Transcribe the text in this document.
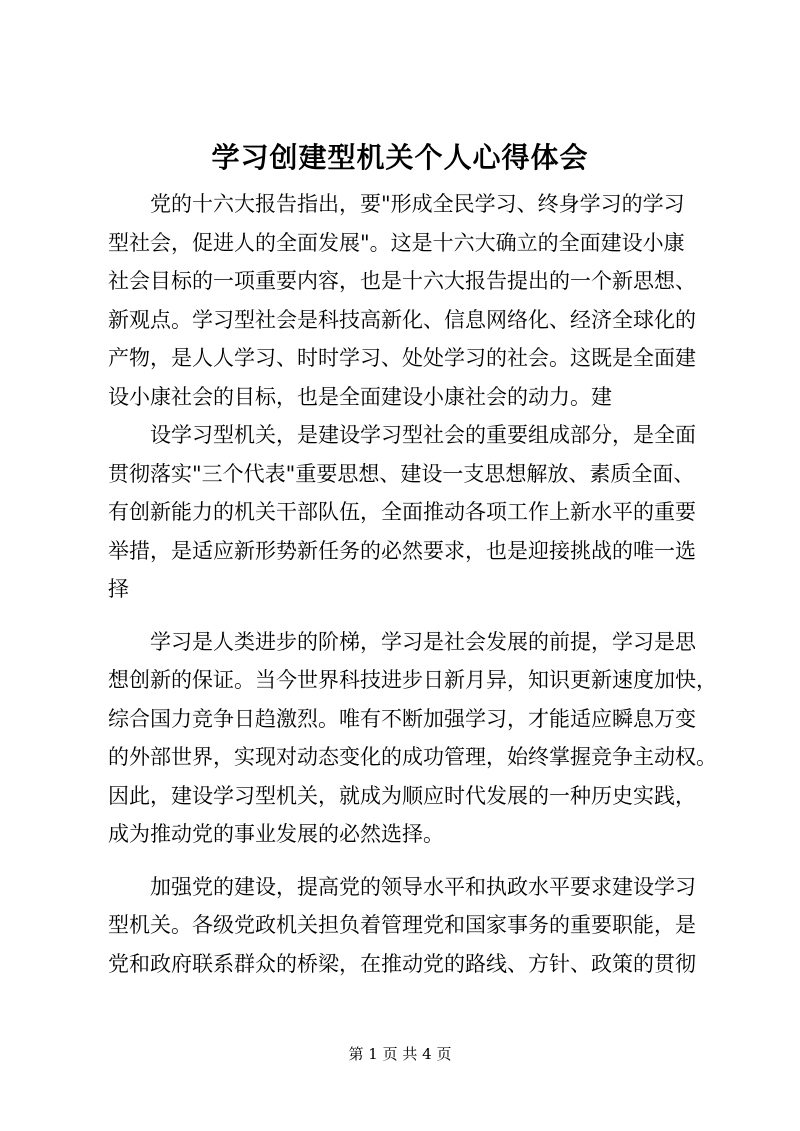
学习创建型机关个人心得体会
党的十六大报告指出，要"形成全民学习、终身学习的学习
型社会，促进人的全面发展"。这是十六大确立的全面建设小康
社会目标的一项重要内容，也是十六大报告提出的一个新思想、
新观点。学习型社会是科技高新化、信息网络化、经济全球化的
产物，是人人学习、时时学习、处处学习的社会。这既是全面建
设小康社会的目标，也是全面建设小康社会的动力。建
设学习型机关，是建设学习型社会的重要组成部分，是全面
贯彻落实"三个代表"重要思想、建设一支思想解放、素质全面、
有创新能力的机关干部队伍，全面推动各项工作上新水平的重要
举措，是适应新形势新任务的必然要求，也是迎接挑战的唯一选
择
学习是人类进步的阶梯，学习是社会发展的前提，学习是思
想创新的保证。当今世界科技进步日新月异，知识更新速度加快，
综合国力竞争日趋激烈。唯有不断加强学习，才能适应瞬息万变
的外部世界，实现对动态变化的成功管理，始终掌握竞争主动权。
因此，建设学习型机关，就成为顺应时代发展的一种历史实践，
成为推动党的事业发展的必然选择。
加强党的建设，提高党的领导水平和执政水平要求建设学习
型机关。各级党政机关担负着管理党和国家事务的重要职能，是
党和政府联系群众的桥梁，在推动党的路线、方针、政策的贯彻
第 1 页 共 4 页
